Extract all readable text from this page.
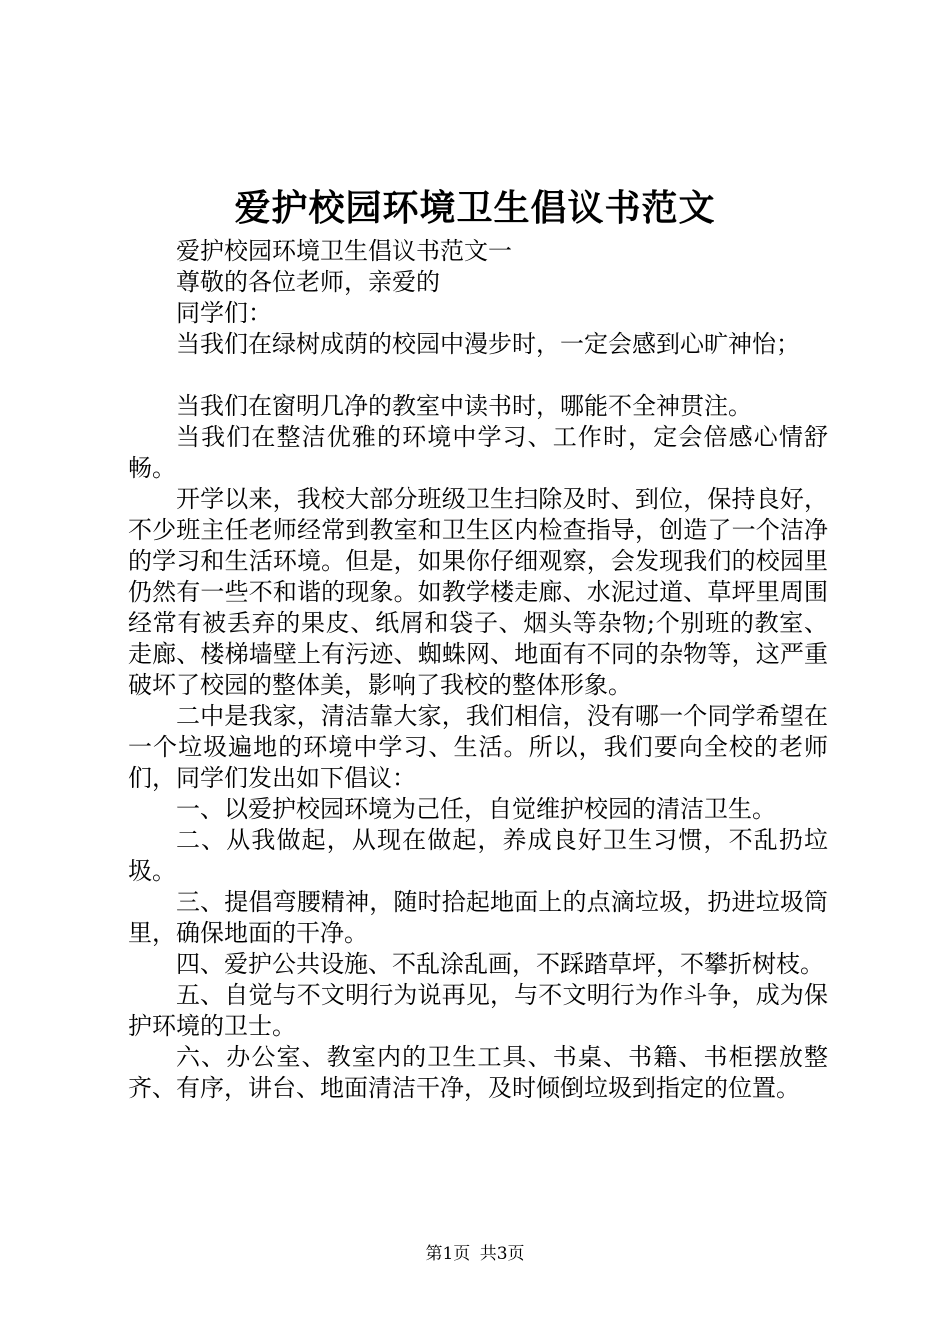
爱护校园环境卫生倡议书范文

爱护校园环境卫生倡议书范文一

尊敬的各位老师，亲爱的

同学们：

当我们在绿树成荫的校园中漫步时，一定会感到心旷神怡；

当我们在窗明几净的教室中读书时，哪能不全神贯注。

当我们在整洁优雅的环境中学习、工作时，定会倍感心情舒畅。

开学以来，我校大部分班级卫生扫除及时、到位，保持良好，不少班主任老师经常到教室和卫生区内检查指导，创造了一个洁净的学习和生活环境。但是，如果你仔细观察，会发现我们的校园里仍然有一些不和谐的现象。如教学楼走廊、水泥过道、草坪里周围经常有被丢弃的果皮、纸屑和袋子、烟头等杂物;个别班的教室、走廊、楼梯墙壁上有污迹、蜘蛛网、地面有不同的杂物等，这严重破坏了校园的整体美，影响了我校的整体形象。

二中是我家，清洁靠大家，我们相信，没有哪一个同学希望在一个垃圾遍地的环境中学习、生活。所以，我们要向全校的老师们，同学们发出如下倡议：

一、以爱护校园环境为己任，自觉维护校园的清洁卫生。

二、从我做起，从现在做起，养成良好卫生习惯，不乱扔垃圾。

三、提倡弯腰精神，随时拾起地面上的点滴垃圾，扔进垃圾筒里，确保地面的干净。

四、爱护公共设施、不乱涂乱画，不踩踏草坪，不攀折树枝。

五、自觉与不文明行为说再见，与不文明行为作斗争，成为保护环境的卫士。

六、办公室、教室内的卫生工具、书桌、书籍、书柜摆放整齐、有序，讲台、地面清洁干净，及时倾倒垃圾到指定的位置。

第1页 共3页
